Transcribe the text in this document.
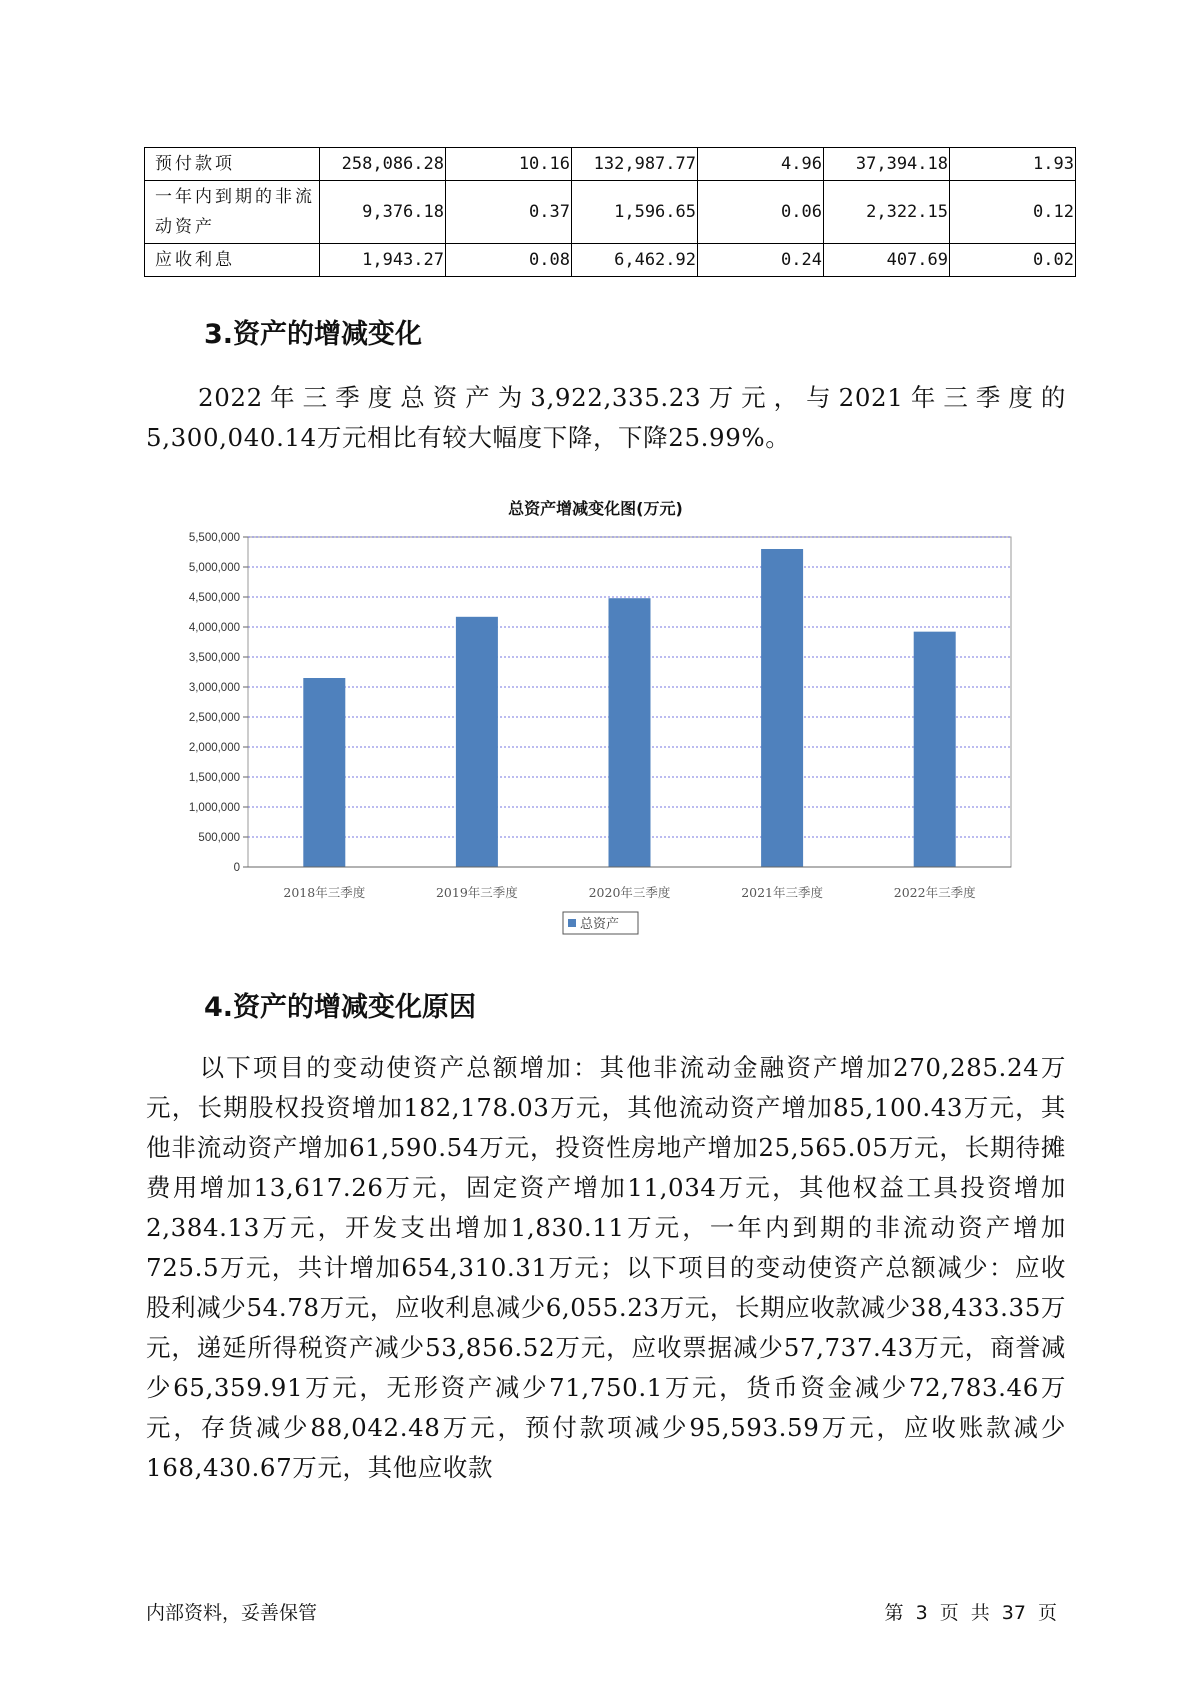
预付款项	258,086.28	10.16	132,987.77	4.96	37,394.18	1.93
一年内到期的非流动资产	9,376.18	0.37	1,596.65	0.06	2,322.15	0.12
应收利息	1,943.27	0.08	6,462.92	0.24	407.69	0.02
3.资产的增减变化
2022年三季度总资产为3,922,335.23万元，与2021年三季度的5,300,040.14万元相比有较大幅度下降，下降25.99%。
总资产增减变化图(万元)
0
500,000
1,000,000
1,500,000
2,000,000
2,500,000
3,000,000
3,500,000
4,000,000
4,500,000
5,000,000
5,500,000
2018年三季度	2019年三季度	2020年三季度	2021年三季度	2022年三季度
总资产
4.资产的增减变化原因
以下项目的变动使资产总额增加：其他非流动金融资产增加270,285.24万元，长期股权投资增加182,178.03万元，其他流动资产增加85,100.43万元，其他非流动资产增加61,590.54万元，投资性房地产增加25,565.05万元，长期待摊费用增加13,617.26万元，固定资产增加11,034万元，其他权益工具投资增加2,384.13万元，开发支出增加1,830.11万元，一年内到期的非流动资产增加725.5万元，共计增加654,310.31万元；以下项目的变动使资产总额减少：应收股利减少54.78万元，应收利息减少6,055.23万元，长期应收款减少38,433.35万元，递延所得税资产减少53,856.52万元，应收票据减少57,737.43万元，商誉减少65,359.91万元，无形资产减少71,750.1万元，货币资金减少72,783.46万元，存货减少88,042.48万元，预付款项减少95,593.59万元，应收账款减少168,430.67万元，其他应收款
内部资料，妥善保管	第 3 页 共 37 页
